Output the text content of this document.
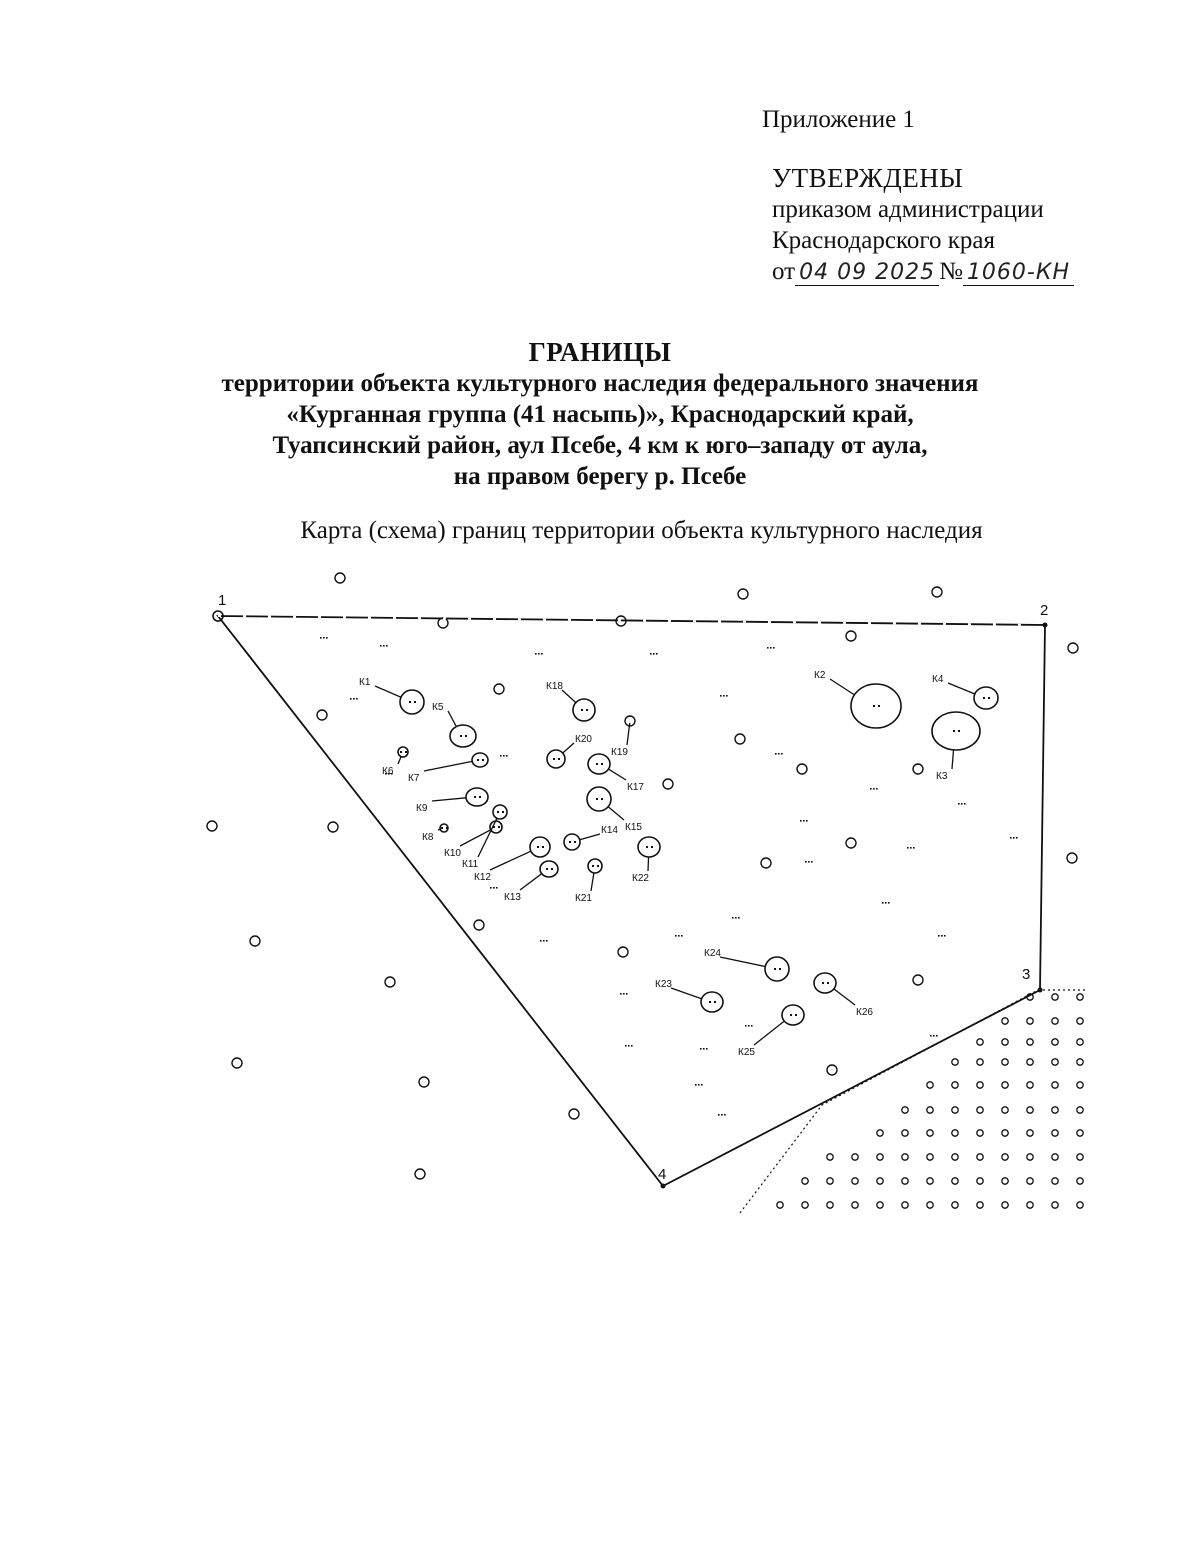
Приложение 1
УТВЕРЖДЕНЫ
приказом администрации
Краснодарского края
от 04 09 2025 № 1060-КН
ГРАНИЦЫ
территории объекта культурного наследия федерального значения
«Курганная группа (41 насыпь)», Краснодарский край,
Туапсинский район, аул Псебе, 4 км к юго–западу от аула,
на правом берегу р. Псебе
Карта (схема) границ территории объекта культурного наследия
1
2
3
4
К1
К2
К3
К4
К5
К6
К7
К8
К9
К10
К11
К12
К13
К14 К15
К17
К18
К19
К20
К21
К22
К23
К24
К25
К26
